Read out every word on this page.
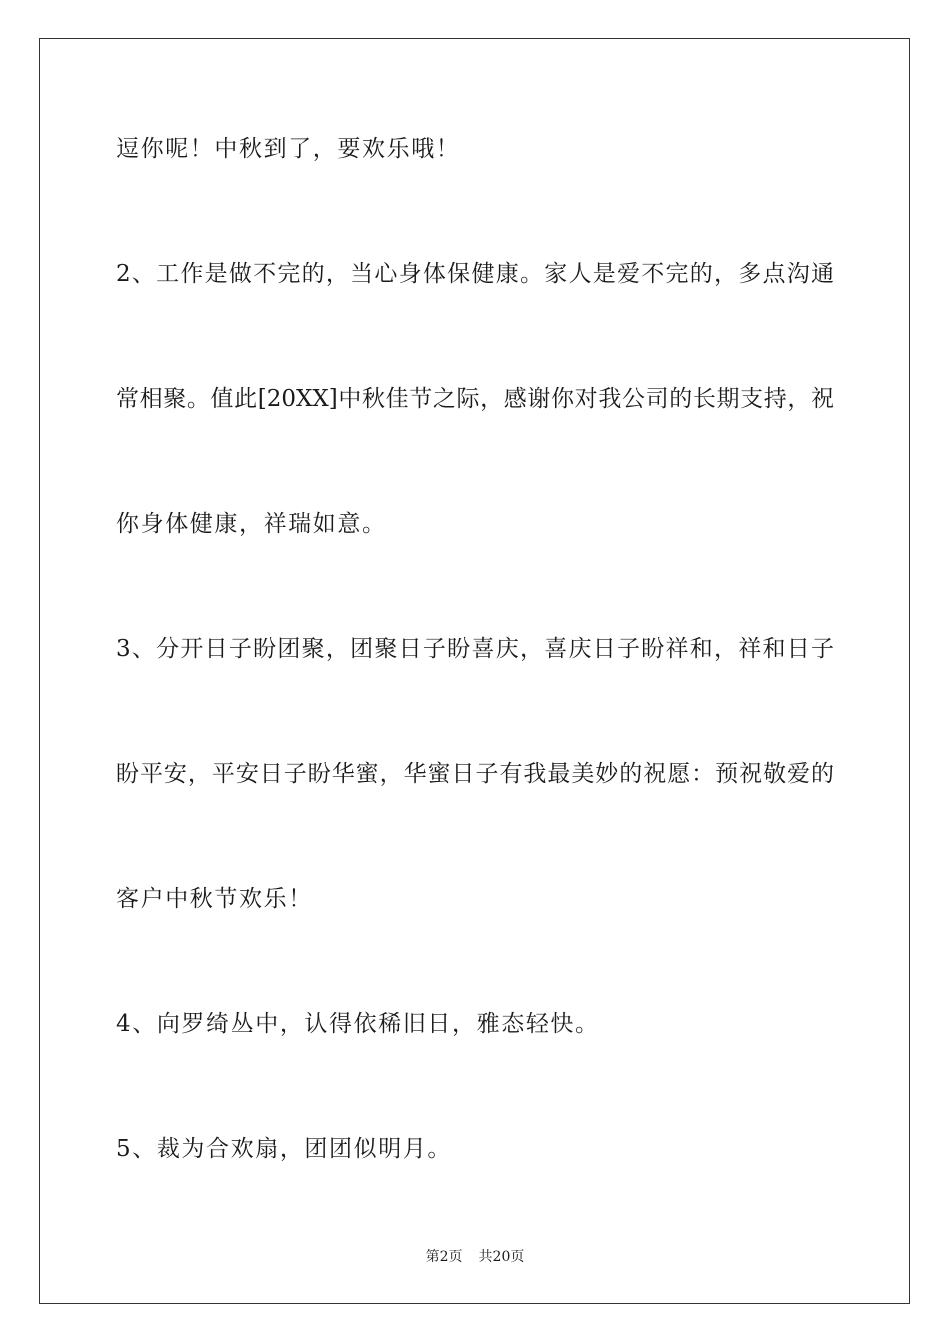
逗你呢！中秋到了，要欢乐哦！
2、工作是做不完的，当心身体保健康。家人是爱不完的，多点沟通
常相聚。值此[20XX]中秋佳节之际，感谢你对我公司的长期支持，祝
你身体健康，祥瑞如意。
3、分开日子盼团聚，团聚日子盼喜庆，喜庆日子盼祥和，祥和日子
盼平安，平安日子盼华蜜，华蜜日子有我最美妙的祝愿：预祝敬爱的
客户中秋节欢乐！
4、向罗绮丛中，认得依稀旧日，雅态轻快。
5、裁为合欢扇，团团似明月。
第2页 共20页
